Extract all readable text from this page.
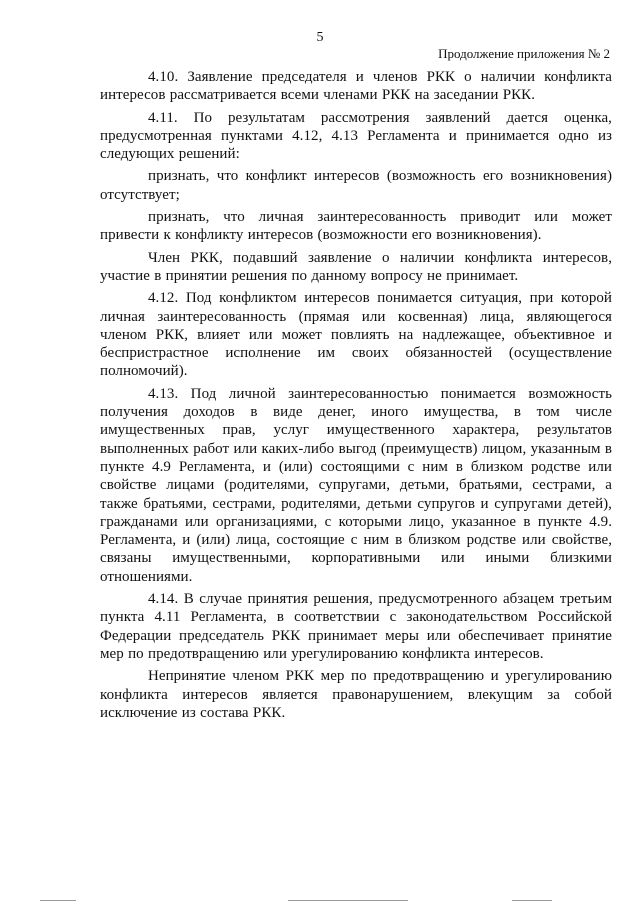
5
Продолжение приложения № 2

4.10. Заявление председателя и членов РКК о наличии конфликта интересов рассматривается всеми членами РКК на заседании РКК.

4.11. По результатам рассмотрения заявлений дается оценка, предусмотренная пунктами 4.12, 4.13 Регламента и принимается одно из следующих решений:

признать, что конфликт интересов (возможность его возникновения) отсутствует;

признать, что личная заинтересованность приводит или может привести к конфликту интересов (возможности его возникновения).

Член РКК, подавший заявление о наличии конфликта интересов, участие в принятии решения по данному вопросу не принимает.

4.12. Под конфликтом интересов понимается ситуация, при которой личная заинтересованность (прямая или косвенная) лица, являющегося членом РКК, влияет или может повлиять на надлежащее, объективное и беспристрастное исполнение им своих обязанностей (осуществление полномочий).

4.13. Под личной заинтересованностью понимается возможность получения доходов в виде денег, иного имущества, в том числе имущественных прав, услуг имущественного характера, результатов выполненных работ или каких-либо выгод (преимуществ) лицом, указанным в пункте 4.9 Регламента, и (или) состоящими с ним в близком родстве или свойстве лицами (родителями, супругами, детьми, братьями, сестрами, а также братьями, сестрами, родителями, детьми супругов и супругами детей), гражданами или организациями, с которыми лицо, указанное в пункте 4.9. Регламента, и (или) лица, состоящие с ним в близком родстве или свойстве, связаны имущественными, корпоративными или иными близкими отношениями.

4.14. В случае принятия решения, предусмотренного абзацем третьим пункта 4.11 Регламента, в соответствии с законодательством Российской Федерации председатель РКК принимает меры или обеспечивает принятие мер по предотвращению или урегулированию конфликта интересов.

Непринятие членом РКК мер по предотвращению и урегулированию конфликта интересов является правонарушением, влекущим за собой исключение из состава РКК.
